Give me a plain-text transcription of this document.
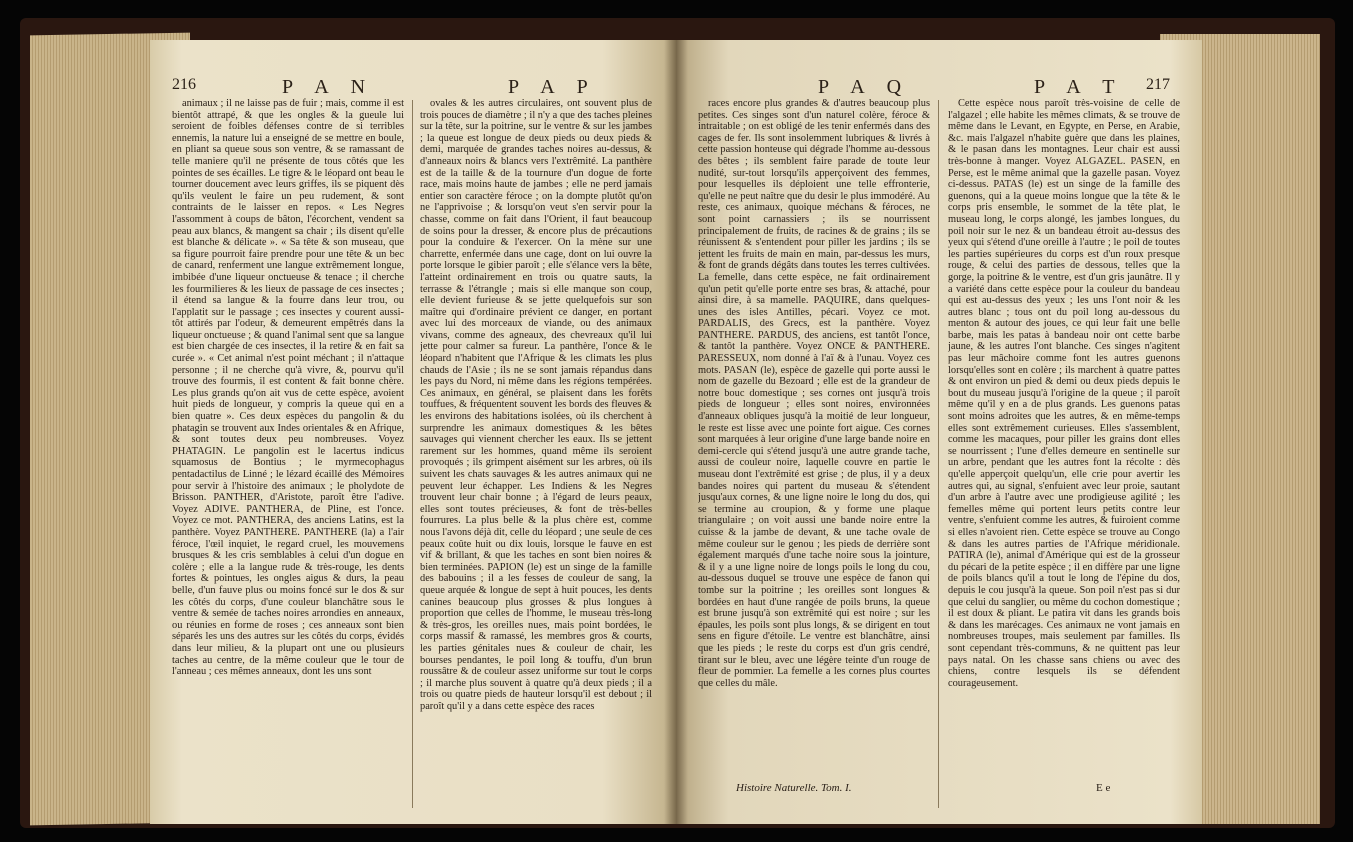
216	P A N	P A P

animaux ; il ne laisse pas de fuir ; mais, comme il est bientôt attrapé, & que les ongles & la gueule lui seroient de foibles défenses contre de si terribles ennemis, la nature lui a enseigné de se mettre en boule, en pliant sa queue sous son ventre, & se ramassant de telle maniere qu'il ne présente de tous côtés que les pointes de ses écailles. Le tigre & le léopard ont beau le tourner doucement avec leurs griffes, ils se piquent dès qu'ils veulent le faire un peu rudement, & sont contraints de le laisser en repos. « Les Negres l'assomment à coups de bâton, l'écorchent, vendent sa peau aux blancs, & mangent sa chair ; ils disent qu'elle est blanche & délicate ». « Sa tête & son museau, que sa figure pourroit faire prendre pour une tête & un bec de canard, renferment une langue extrêmement longue, imbibée d'une liqueur onctueuse & tenace ; il cherche les fourmilieres & les lieux de passage de ces insectes ; il étend sa langue & la fourre dans leur trou, ou l'applatit sur le passage ; ces insectes y courent aussi-tôt attirés par l'odeur, & demeurent empêtrés dans la liqueur onctueuse ; & quand l'animal sent que sa langue est bien chargée de ces insectes, il la retire & en fait sa curée ». « Cet animal n'est point méchant ; il n'attaque personne ; il ne cherche qu'à vivre, &, pourvu qu'il trouve des fourmis, il est content & fait bonne chère. Les plus grands qu'on ait vus de cette espèce, avoient huit pieds de longueur, y compris la queue qui en a bien quatre ». Ces deux espèces du pangolin & du phatagin se trouvent aux Indes orientales & en Afrique, & sont toutes deux peu nombreuses. Voyez PHATAGIN. Le pangolin est le lacertus indicus squamosus de Bontius ; le myrmecophagus pentadactilus de Linné ; le lézard écaillé des Mémoires pour servir à l'histoire des animaux ; le pholydote de Brisson. PANTHER, d'Aristote, paroît être l'adive. Voyez ADIVE. PANTHERA, de Pline, est l'once. Voyez ce mot. PANTHERA, des anciens Latins, est la panthère. Voyez PANTHERE. PANTHERE (la) a l'air féroce, l'œil inquiet, le regard cruel, les mouvemens brusques & les cris semblables à celui d'un dogue en colère ; elle a la langue rude & très-rouge, les dents fortes & pointues, les ongles aigus & durs, la peau belle, d'un fauve plus ou moins foncé sur le dos & sur les côtés du corps, d'une couleur blanchâtre sous le ventre & semée de taches noires arrondies en anneaux, ou réunies en forme de roses ; ces anneaux sont bien séparés les uns des autres sur les côtés du corps, évidés dans leur milieu, & la plupart ont une ou plusieurs taches au centre, de la même couleur que le tour de l'anneau ; ces mêmes anneaux, dont les uns sont

ovales & les autres circulaires, ont souvent plus de trois pouces de diamètre ; il n'y a que des taches pleines sur la tête, sur la poitrine, sur le ventre & sur les jambes ; la queue est longue de deux pieds ou deux pieds & demi, marquée de grandes taches noires au-dessus, & d'anneaux noirs & blancs vers l'extrêmité. La panthère est de la taille & de la tournure d'un dogue de forte race, mais moins haute de jambes ; elle ne perd jamais entier son caractère féroce ; on la dompte plutôt qu'on ne l'apprivoise ; & lorsqu'on veut s'en servir pour la chasse, comme on fait dans l'Orient, il faut beaucoup de soins pour la dresser, & encore plus de précautions pour la conduire & l'exercer. On la mène sur une charrette, enfermée dans une cage, dont on lui ouvre la porte lorsque le gibier paroît ; elle s'élance vers la bête, l'atteint ordinairement en trois ou quatre sauts, la terrasse & l'étrangle ; mais si elle manque son coup, elle devient furieuse & se jette quelquefois sur son maître qui d'ordinaire prévient ce danger, en portant avec lui des morceaux de viande, ou des animaux vivans, comme des agneaux, des chevreaux qu'il lui jette pour calmer sa fureur. La panthère, l'once & le léopard n'habitent que l'Afrique & les climats les plus chauds de l'Asie ; ils ne se sont jamais répandus dans les pays du Nord, ni même dans les régions tempérées. Ces animaux, en général, se plaisent dans les forêts touffues, & fréquentent souvent les bords des fleuves & les environs des habitations isolées, où ils cherchent à surprendre les animaux domestiques & les bêtes sauvages qui viennent chercher les eaux. Ils se jettent rarement sur les hommes, quand même ils seroient provoqués ; ils grimpent aisément sur les arbres, où ils suivent les chats sauvages & les autres animaux qui ne peuvent leur échapper. Les Indiens & les Negres trouvent leur chair bonne ; à l'égard de leurs peaux, elles sont toutes précieuses, & font de très-belles fourrures. La plus belle & la plus chère est, comme nous l'avons déjà dit, celle du léopard ; une seule de ces peaux coûte huit ou dix louis, lorsque le fauve en est vif & brillant, & que les taches en sont bien noires & bien terminées. PAPION (le) est un singe de la famille des babouins ; il a les fesses de couleur de sang, la queue arquée & longue de sept à huit pouces, les dents canines beaucoup plus grosses & plus longues à proportion que celles de l'homme, le museau très-long & très-gros, les oreilles nues, mais point bordées, le corps massif & ramassé, les membres gros & courts, les parties génitales nues & couleur de chair, les bourses pendantes, le poil long & touffu, d'un brun roussâtre & de couleur assez uniforme sur tout le corps ; il marche plus souvent à quatre qu'à deux pieds ; il a trois ou quatre pieds de hauteur lorsqu'il est debout ; il paroît qu'il y a dans cette espèce des races

P A Q	P A T 217

races encore plus grandes & d'autres beaucoup plus petites. Ces singes sont d'un naturel colère, féroce & intraitable ; on est obligé de les tenir enfermés dans des cages de fer. Ils sont insolemment lubriques & livrés à cette passion honteuse qui dégrade l'homme au-dessous des bêtes ; ils semblent faire parade de toute leur nudité, sur-tout lorsqu'ils apperçoivent des femmes, pour lesquelles ils déploient une telle effronterie, qu'elle ne peut naître que du desir le plus immodéré. Au reste, ces animaux, quoique méchans & féroces, ne sont point carnassiers ; ils se nourrissent principalement de fruits, de racines & de grains ; ils se réunissent & s'entendent pour piller les jardins ; ils se jettent les fruits de main en main, par-dessus les murs, & font de grands dégâts dans toutes les terres cultivées. La femelle, dans cette espèce, ne fait ordinairement qu'un petit qu'elle porte entre ses bras, & attaché, pour ainsi dire, à sa mamelle. PAQUIRE, dans quelques-unes des isles Antilles, pécari. Voyez ce mot. PARDALIS, des Grecs, est la panthère. Voyez PANTHERE. PARDUS, des anciens, est tantôt l'once, & tantôt la panthère. Voyez ONCE & PANTHERE. PARESSEUX, nom donné à l'aï & à l'unau. Voyez ces mots. PASAN (le), espèce de gazelle qui porte aussi le nom de gazelle du Bezoard ; elle est de la grandeur de notre bouc domestique ; ses cornes ont jusqu'à trois pieds de longueur ; elles sont noires, environnées d'anneaux obliques jusqu'à la moitié de leur longueur, le reste est lisse avec une pointe fort aigue. Ces cornes sont marquées à leur origine d'une large bande noire en demi-cercle qui s'étend jusqu'à une autre grande tache, aussi de couleur noire, laquelle couvre en partie le museau dont l'extrêmité est grise ; de plus, il y a deux bandes noires qui partent du museau & s'étendent jusqu'aux cornes, & une ligne noire le long du dos, qui se termine au croupion, & y forme une plaque triangulaire ; on voit aussi une bande noire entre la cuisse & la jambe de devant, & une tache ovale de même couleur sur le genou ; les pieds de derrière sont également marqués d'une tache noire sous la jointure, & il y a une ligne noire de longs poils le long du cou, au-dessous duquel se trouve une espèce de fanon qui tombe sur la poitrine ; les oreilles sont longues & bordées en haut d'une rangée de poils bruns, la queue est brune jusqu'à son extrêmité qui est noire ; sur les épaules, les poils sont plus longs, & se dirigent en tout sens en figure d'étoile. Le ventre est blanchâtre, ainsi que les pieds ; le reste du corps est d'un gris cendré, tirant sur le bleu, avec une légère teinte d'un rouge de fleur de pommier. La femelle a les cornes plus courtes que celles du mâle.

Histoire Naturelle. Tom. I.

Cette espèce nous paroît très-voisine de celle de l'algazel ; elle habite les mêmes climats, & se trouve de même dans le Levant, en Egypte, en Perse, en Arabie, &c. mais l'algazel n'habite guère que dans les plaines, & le pasan dans les montagnes. Leur chair est aussi très-bonne à manger. Voyez ALGAZEL. PASEN, en Perse, est le même animal que la gazelle pasan. Voyez ci-dessus. PATAS (le) est un singe de la famille des guenons, qui a la queue moins longue que la tête & le corps pris ensemble, le sommet de la tête plat, le museau long, le corps alongé, les jambes longues, du poil noir sur le nez & un bandeau étroit au-dessus des yeux qui s'étend d'une oreille à l'autre ; le poil de toutes les parties supérieures du corps est d'un roux presque rouge, & celui des parties de dessous, telles que la gorge, la poitrine & le ventre, est d'un gris jaunâtre. Il y a variété dans cette espèce pour la couleur du bandeau qui est au-dessus des yeux ; les uns l'ont noir & les autres blanc ; tous ont du poil long au-dessous du menton & autour des joues, ce qui leur fait une belle barbe, mais les patas à bandeau noir ont cette barbe jaune, & les autres l'ont blanche. Ces singes n'agitent pas leur mâchoire comme font les autres guenons lorsqu'elles sont en colère ; ils marchent à quatre pattes & ont environ un pied & demi ou deux pieds depuis le bout du museau jusqu'à l'origine de la queue ; il paroît même qu'il y en a de plus grands. Les guenons patas sont moins adroites que les autres, & en même-temps elles sont extrêmement curieuses. Elles s'assemblent, comme les macaques, pour piller les grains dont elles se nourrissent ; l'une d'elles demeure en sentinelle sur un arbre, pendant que les autres font la récolte : dès qu'elle apperçoit quelqu'un, elle crie pour avertir les autres qui, au signal, s'enfuient avec leur proie, sautant d'un arbre à l'autre avec une prodigieuse agilité ; les femelles même qui portent leurs petits contre leur ventre, s'enfuient comme les autres, & fuiroient comme si elles n'avoient rien. Cette espèce se trouve au Congo & dans les autres parties de l'Afrique méridionale. PATIRA (le), animal d'Amérique qui est de la grosseur du pécari de la petite espèce ; il en diffère par une ligne de poils blancs qu'il a tout le long de l'épine du dos, depuis le cou jusqu'à la queue. Son poil n'est pas si dur que celui du sanglier, ou même du cochon domestique ; il est doux & pliant. Le patira vit dans les grands bois & dans les marécages. Ces animaux ne vont jamais en nombreuses troupes, mais seulement par familles. Ils sont cependant très-communs, & ne quittent pas leur pays natal. On les chasse sans chiens ou avec des chiens, contre lesquels ils se défendent courageusement.

E e
